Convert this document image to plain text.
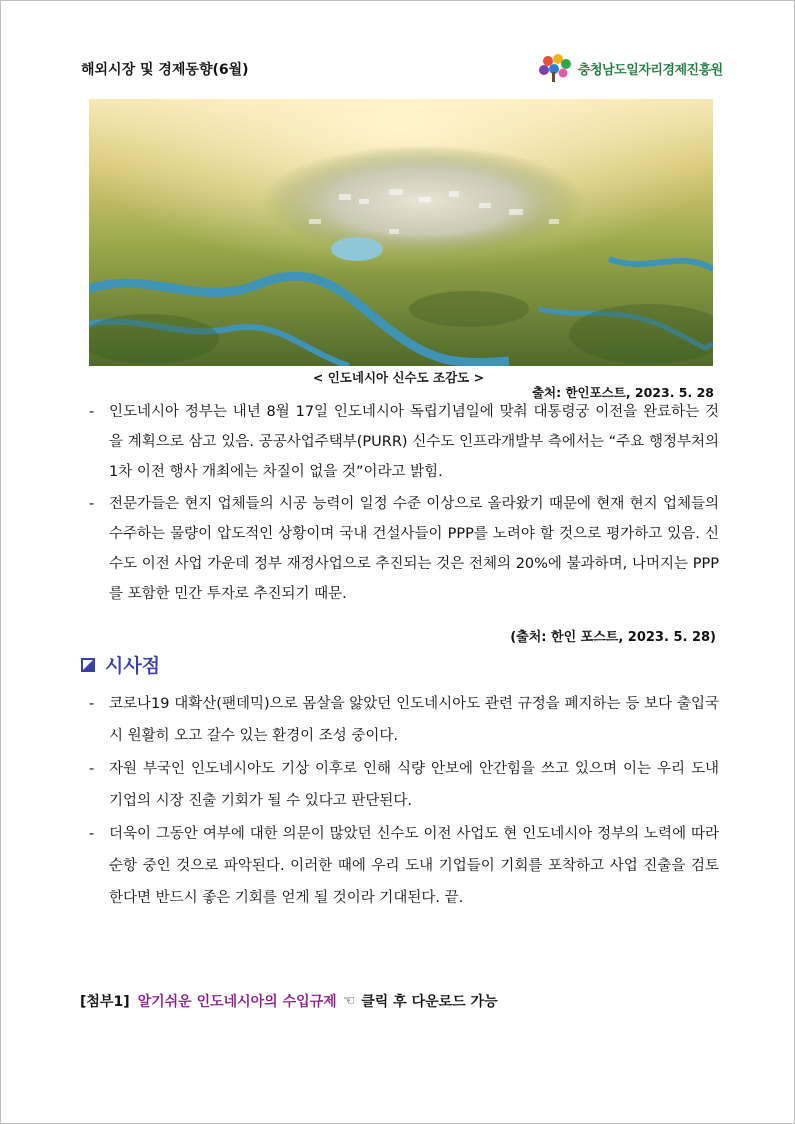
해외시장 및 경제동향(6월)	충청남도일자리경제진흥원
< 인도네시아 신수도 조감도 >
출처: 한인포스트, 2023. 5. 28
- 인도네시아 정부는 내년 8월 17일 인도네시아 독립기념일에 맞춰 대통령궁 이전을 완료하는 것을 계획으로 삼고 있음. 공공사업주택부(PURR) 신수도 인프라개발부 측에서는 “주요 행정부처의 1차 이전 행사 개최에는 차질이 없을 것”이라고 밝힘.
- 전문가들은 현지 업체들의 시공 능력이 일정 수준 이상으로 올라왔기 때문에 현재 현지 업체들의 수주하는 물량이 압도적인 상황이며 국내 건설사들이 PPP를 노려야 할 것으로 평가하고 있음. 신수도 이전 사업 가운데 정부 재정사업으로 추진되는 것은 전체의 20%에 불과하며, 나머지는 PPP를 포함한 민간 투자로 추진되기 때문.
(출처: 한인 포스트, 2023. 5. 28)
시사점
- 코로나19 대확산(팬데믹)으로 몸살을 앓았던 인도네시아도 관련 규정을 폐지하는 등 보다 출입국 시 원활히 오고 갈수 있는 환경이 조성 중이다.
- 자원 부국인 인도네시아도 기상 이후로 인해 식량 안보에 안간힘을 쓰고 있으며 이는 우리 도내 기업의 시장 진출 기회가 될 수 있다고 판단된다.
- 더욱이 그동안 여부에 대한 의문이 많았던 신수도 이전 사업도 현 인도네시아 정부의 노력에 따라 순항 중인 것으로 파악된다. 이러한 때에 우리 도내 기업들이 기회를 포착하고 사업 진출을 검토한다면 반드시 좋은 기회를 얻게 될 것이라 기대된다. 끝.
[첨부1] 알기쉬운 인도네시아의 수입규제 ☜ 클릭 후 다운로드 가능
